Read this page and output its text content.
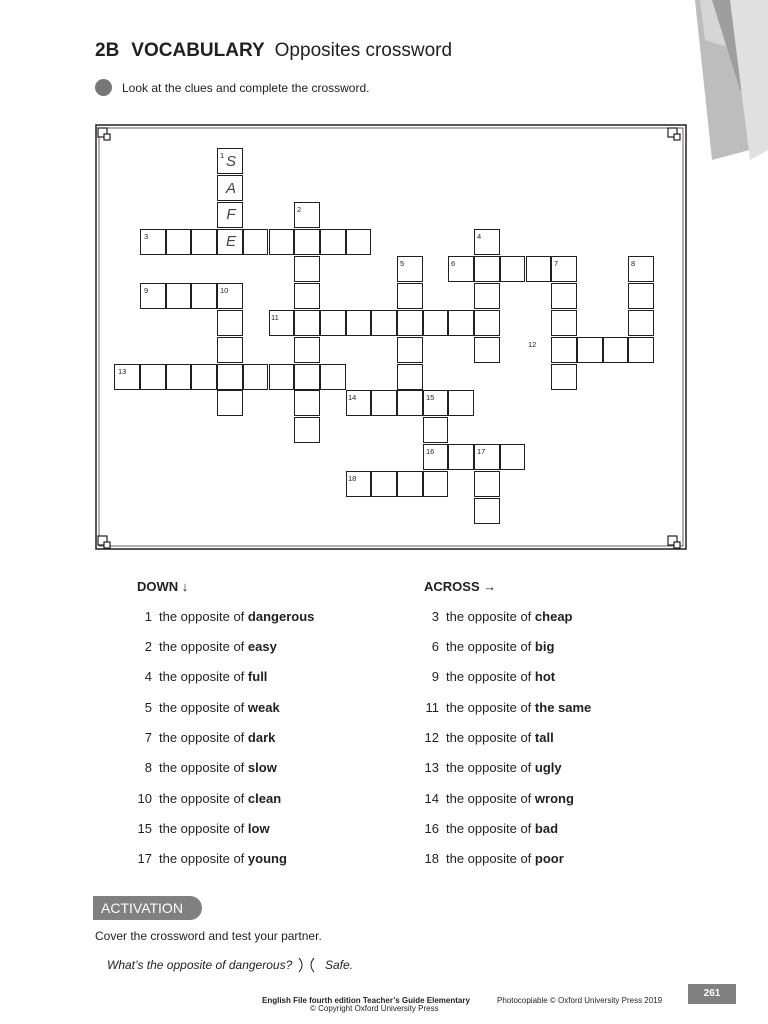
2B VOCABULARY Opposites crossword
Look at the clues and complete the crossword.
1
2
3	4
5	6	7	8
9	10
11
12
13
14	15
16	17
18
S
A
F
E
DOWN ↓	ACROSS →
1 the opposite of dangerous
2 the opposite of easy
4 the opposite of full
5 the opposite of weak
7 the opposite of dark
8 the opposite of slow
10 the opposite of clean
15 the opposite of low
17 the opposite of young
3 the opposite of cheap
6 the opposite of big
9 the opposite of hot
11 the opposite of the same
12 the opposite of tall
13 the opposite of ugly
14 the opposite of wrong
16 the opposite of bad
18 the opposite of poor
ACTIVATION
Cover the crossword and test your partner.
What’s the opposite of dangerous?	Safe.
English File fourth edition Teacher’s Guide Elementary
© Copyright Oxford University Press
Photocopiable © Oxford University Press 2019
261
